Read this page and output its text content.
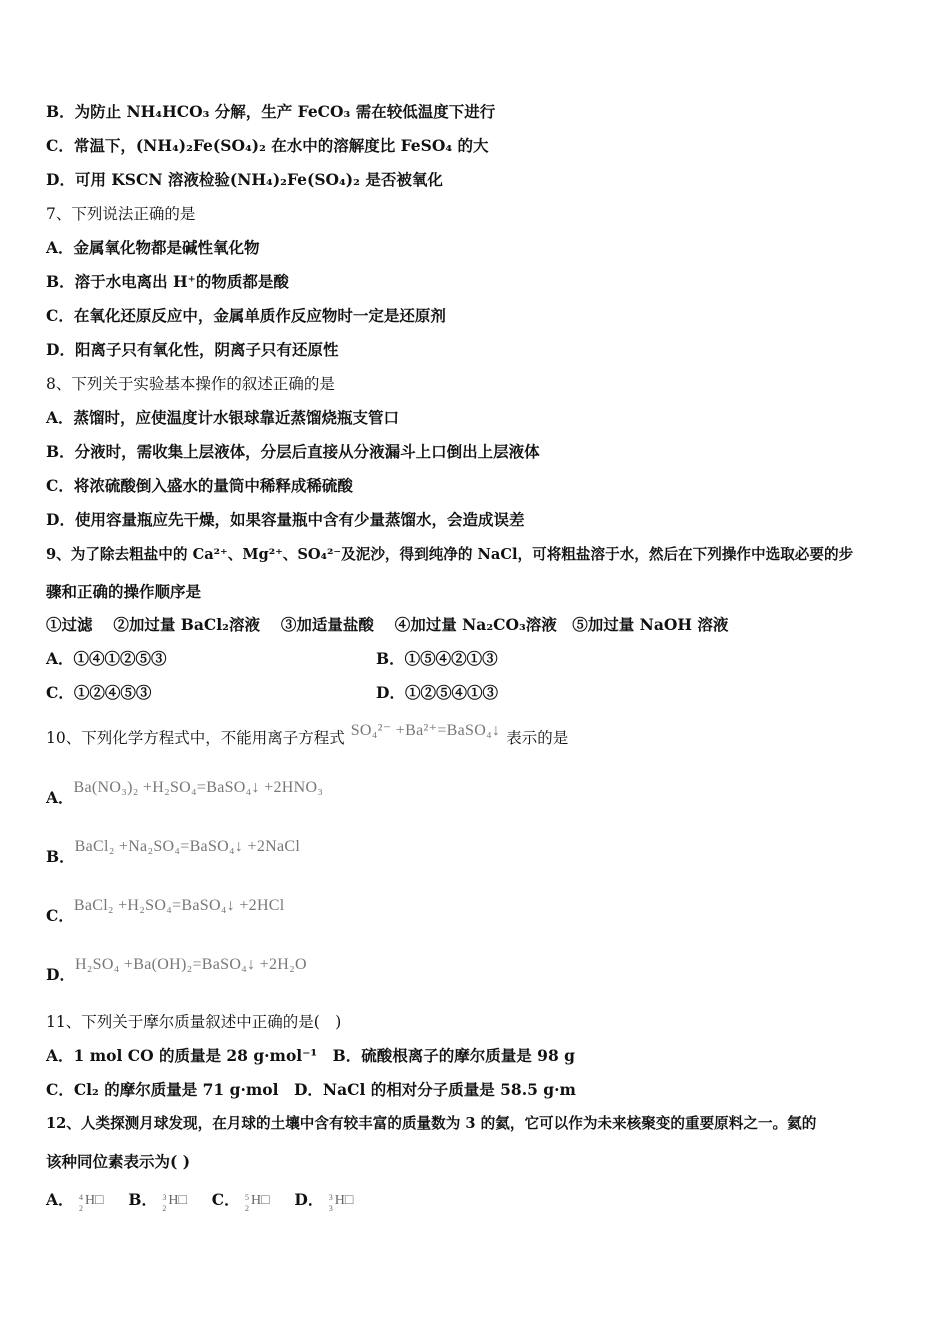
B．为防止 NH₄HCO₃ 分解，生产 FeCO₃ 需在较低温度下进行
C．常温下，(NH₄)₂Fe(SO₄)₂ 在水中的溶解度比 FeSO₄ 的大
D．可用 KSCN 溶液检验(NH₄)₂Fe(SO₄)₂ 是否被氧化
7、下列说法正确的是
A．金属氧化物都是碱性氧化物
B．溶于水电离出 H⁺的物质都是酸
C．在氧化还原反应中，金属单质作反应物时一定是还原剂
D．阳离子只有氧化性，阴离子只有还原性
8、下列关于实验基本操作的叙述正确的是
A．蒸馏时，应使温度计水银球靠近蒸馏烧瓶支管口
B．分液时，需收集上层液体，分层后直接从分液漏斗上口倒出上层液体
C．将浓硫酸倒入盛水的量筒中稀释成稀硫酸
D．使用容量瓶应先干燥，如果容量瓶中含有少量蒸馏水，会造成误差
9、为了除去粗盐中的 Ca²⁺、Mg²⁺、SO₄²⁻及泥沙，得到纯净的 NaCl，可将粗盐溶于水，然后在下列操作中选取必要的步
骤和正确的操作顺序是
①过滤　 ②加过量 BaCl₂溶液　 ③加适量盐酸　 ④加过量 Na₂CO₃溶液　⑤加过量 NaOH 溶液
A．①④①②⑤③	B．①⑤④②①③
C．①②④⑤③	D．①②⑤④①③
10、下列化学方程式中，不能用离子方程式 SO₄²⁻ +Ba²⁺=BaSO₄↓ 表示的是
A．Ba(NO₃)₂ +H₂SO₄=BaSO₄↓ +2HNO₃
B．BaCl₂ +Na₂SO₄=BaSO₄↓ +2NaCl
C．BaCl₂ +H₂SO₄=BaSO₄↓ +2HCl
D．H₂SO₄ +Ba(OH)₂=BaSO₄↓ +2H₂O
11、下列关于摩尔质量叙述中正确的是(　)
A．1 mol CO 的质量是 28 g·mol⁻¹　B．硫酸根离子的摩尔质量是 98 g
C．Cl₂ 的摩尔质量是 71 g·mol　D．NaCl 的相对分子质量是 58.5 g·m
12、人类探测月球发现，在月球的土壤中含有较丰富的质量数为 3 的氦，它可以作为未来核聚变的重要原料之一。氦的
该种同位素表示为( )
A． 4
2
H□ B． 3
2
H□ C． 5
2
H□ D． 3
3
H□
